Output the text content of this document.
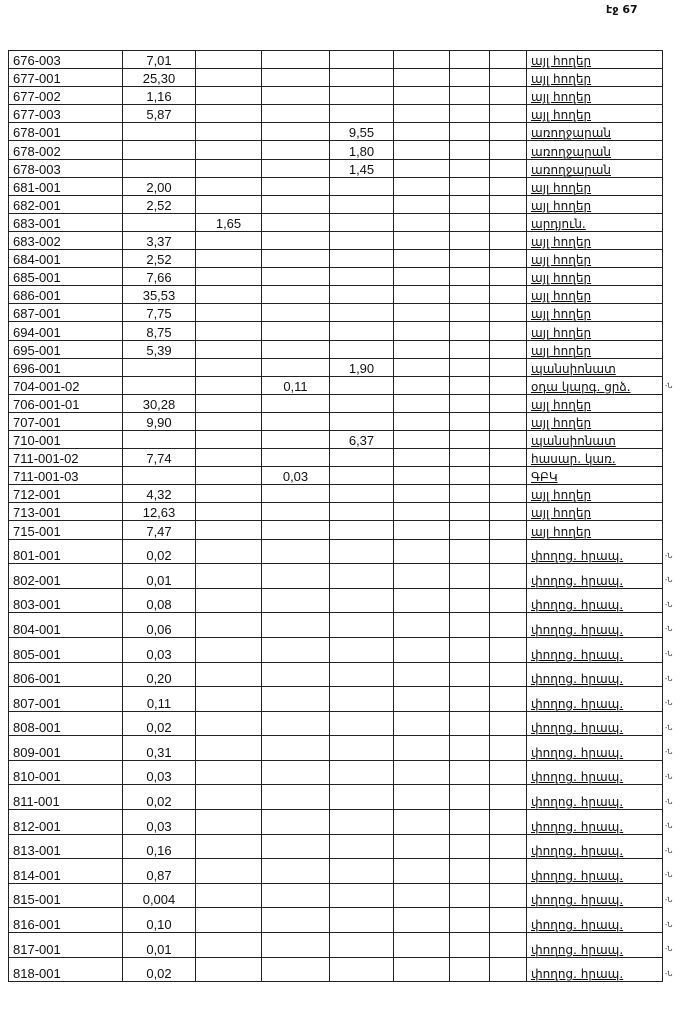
էջ 67
676-003	7,01							այլ հողեր	
677-001	25,30							այլ հողեր	
677-002	1,16							այլ հողեր	
677-003	5,87							այլ հողեր	
678-001				9,55				առողջարան	
678-002				1,80				առողջարան	
678-003				1,45				առողջարան	
681-001	2,00							այլ հողեր	
682-001	2,52							այլ հողեր	
683-001		1,65						արդյուն.	
683-002	3,37							այլ հողեր	
684-001	2,52							այլ հողեր	
685-001	7,66							այլ հողեր	
686-001	35,53							այլ հողեր	
687-001	7,75							այլ հողեր	
694-001	8,75							այլ հողեր	
695-001	5,39							այլ հողեր	
696-001				1,90				պանսիոնատ	
704-001-02			0,11					օդա կարգ. ցրձ.	-Ն
706-001-01	30,28							այլ հողեր	
707-001	9,90							այլ հողեր	
710-001				6,37				պանսիոնատ	
711-001-02	7,74							հասար. կառ.	
711-001-03			0,03					ԳԲԿ	
712-001	4,32							այլ հողեր	
713-001	12,63							այլ հողեր	
715-001	7,47							այլ հողեր	
801-001	0,02							փողոց. հրապ.	-Ն
802-001	0,01							փողոց. հրապ.	-Ն
803-001	0,08							փողոց. հրապ.	-Ն
804-001	0,06							փողոց. հրապ.	-Ն
805-001	0,03							փողոց. հրապ.	-Ն
806-001	0,20							փողոց. հրապ.	-Ն
807-001	0,11							փողոց. հրապ.	-Ն
808-001	0,02							փողոց. հրապ.	-Ն
809-001	0,31							փողոց. հրապ.	-Ն
810-001	0,03							փողոց. հրապ.	-Ն
811-001	0,02							փողոց. հրապ.	-Ն
812-001	0,03							փողոց. հրապ.	-Ն
813-001	0,16							փողոց. հրապ.	-Ն
814-001	0,87							փողոց. հրապ.	-Ն
815-001	0,004							փողոց. հրապ.	-Ն
816-001	0,10							փողոց. հրապ.	-Ն
817-001	0,01							փողոց. հրապ.	-Ն
818-001	0,02							փողոց. հրապ.	-Ն
